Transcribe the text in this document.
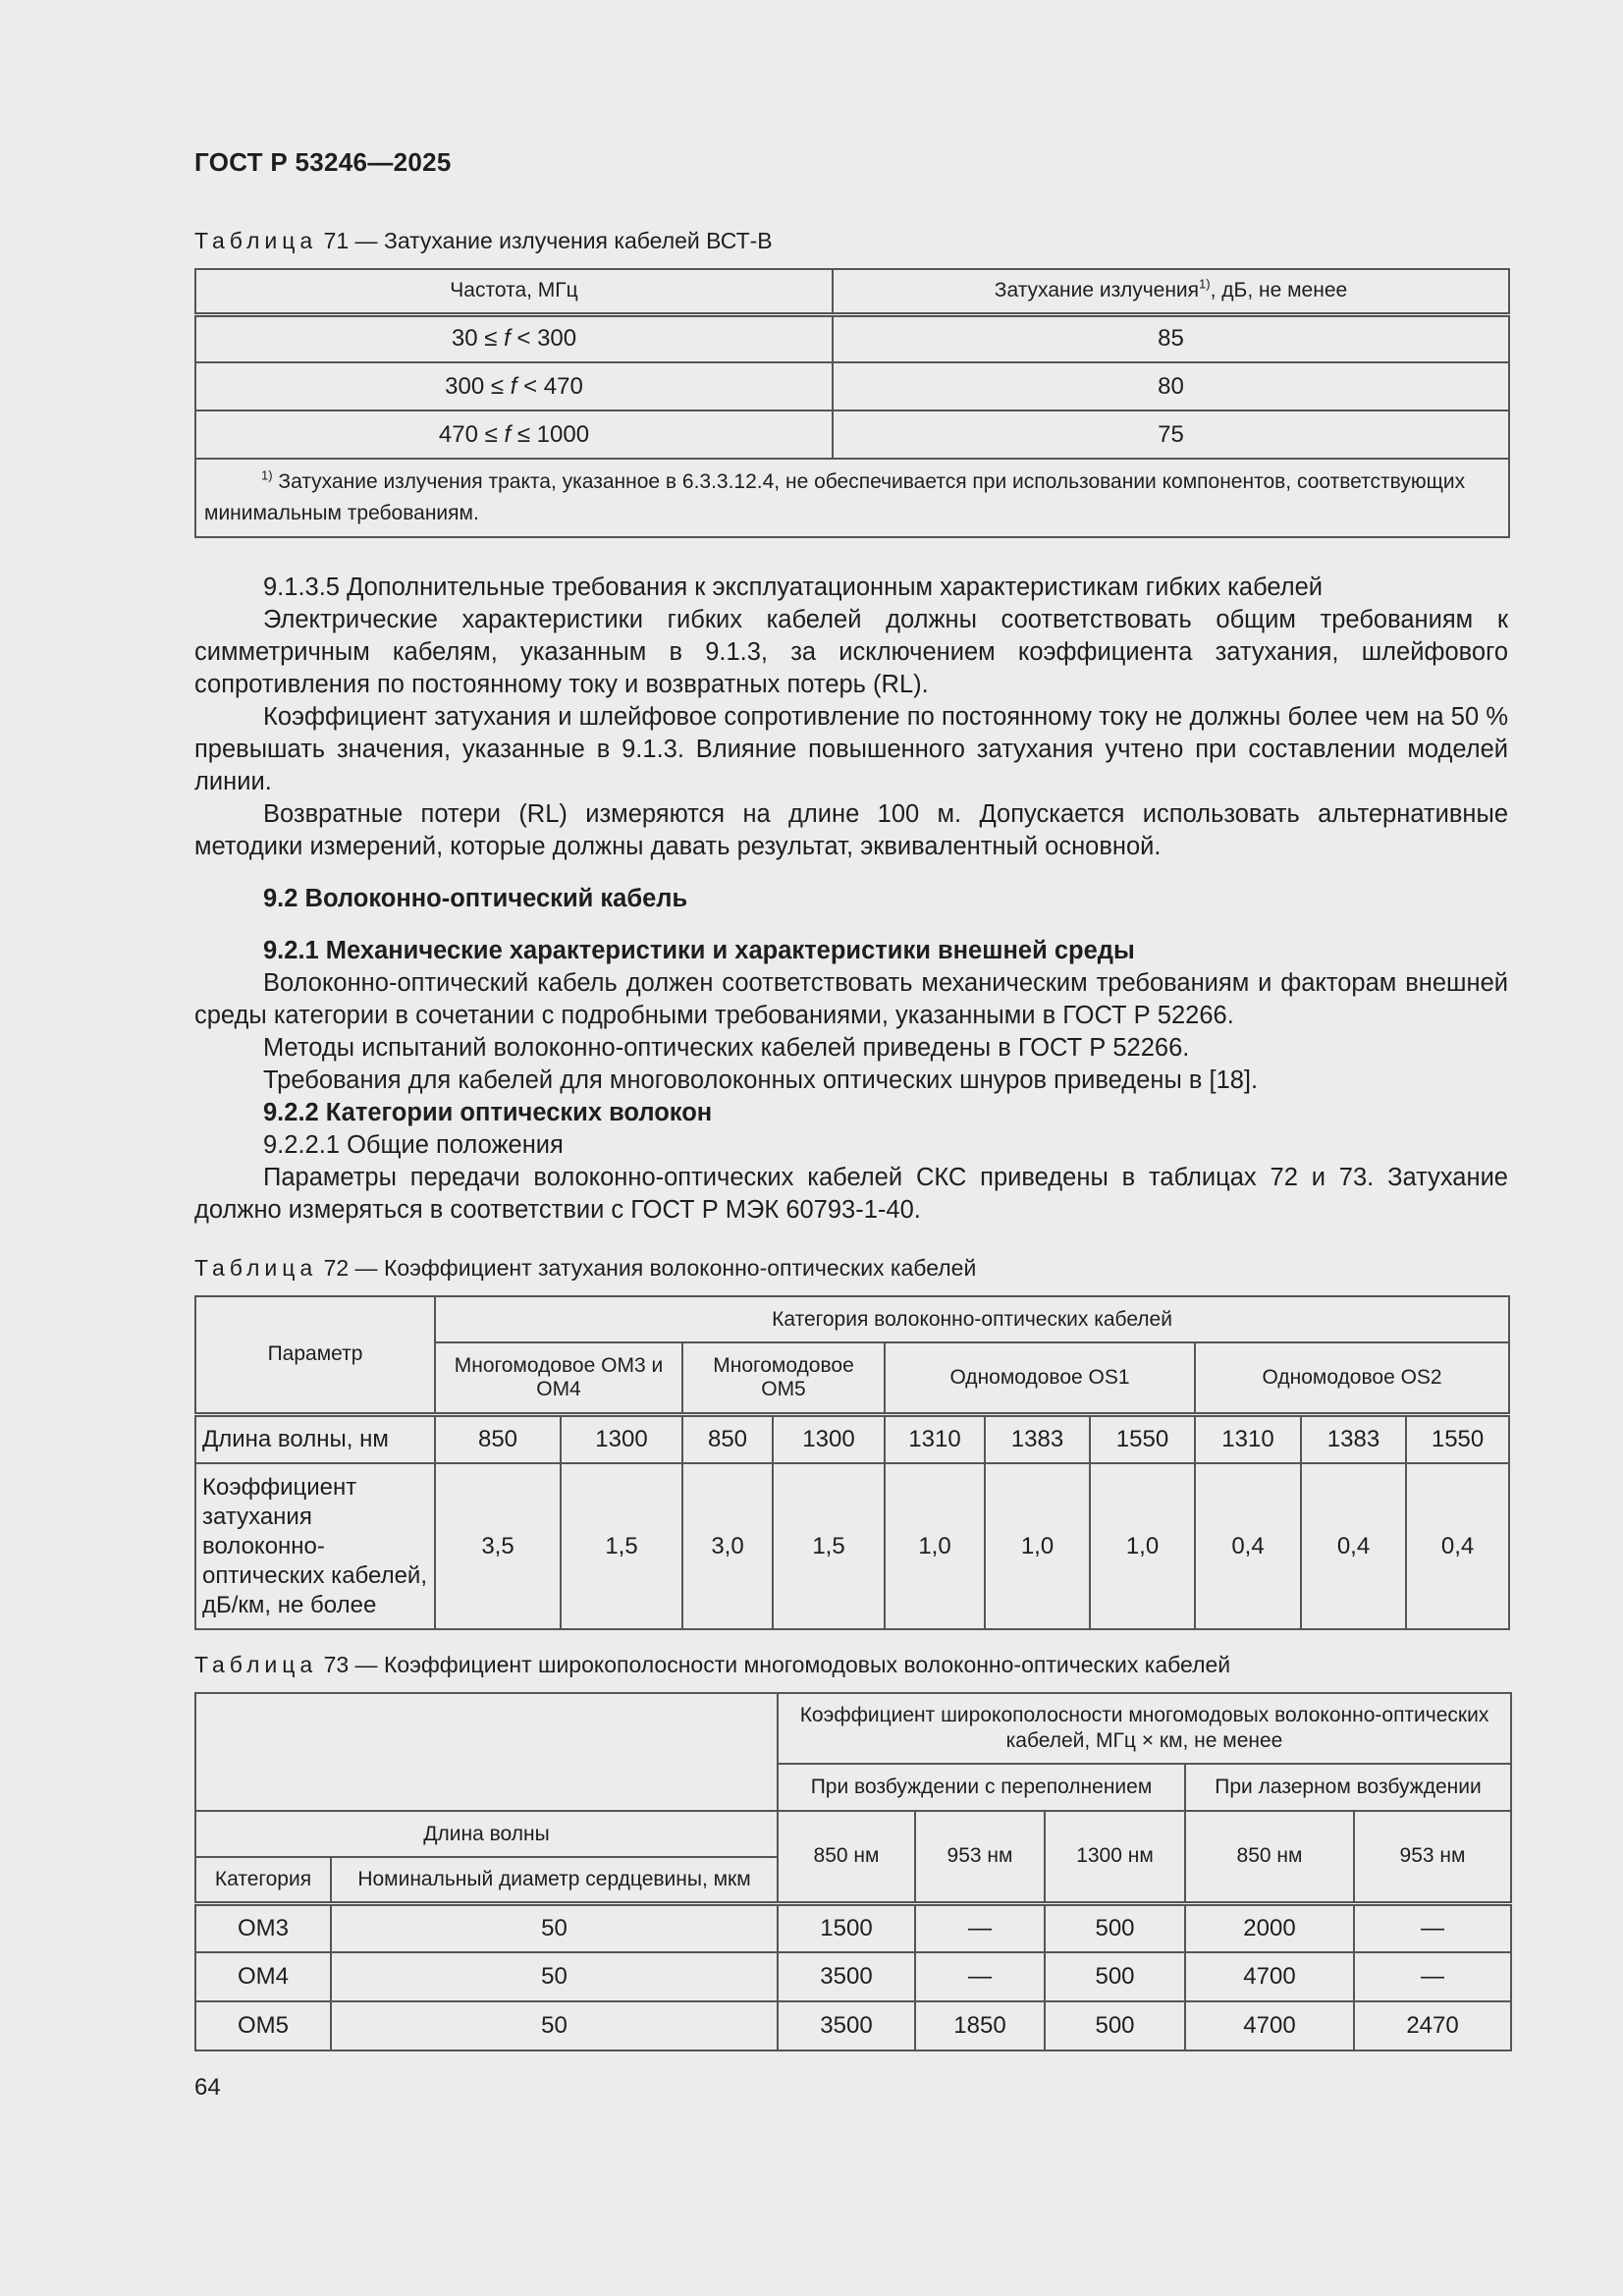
ГОСТ Р 53246—2025
Таблица 71 — Затухание излучения кабелей ВСТ-В
Частота, МГц	Затухание излучения$^{1)}$, дБ, не менее
30 ≤ f < 300	85
300 ≤ f < 470	80
470 ≤ f ≤ 1000	75
$^{1)}$ Затухание излучения тракта, указанное в 6.3.3.12.4, не обеспечивается при использовании компонентов, соответствующих минимальным требованиям.	

9.1.3.5 Дополнительные требования к эксплуатационным характеристикам гибких кабелей

Электрические характеристики гибких кабелей должны соответствовать общим требованиям к симметричным кабелям, указанным в 9.1.3, за исключением коэффициента затухания, шлейфового сопротивления по постоянному току и возвратных потерь (RL).

Коэффициент затухания и шлейфовое сопротивление по постоянному току не должны более чем на 50 % превышать значения, указанные в 9.1.3. Влияние повышенного затухания учтено при составлении моделей линии.

Возвратные потери (RL) измеряются на длине 100 м. Допускается использовать альтернативные методики измерений, которые должны давать результат, эквивалентный основной.

9.2 Волоконно-оптический кабель

9.2.1 Механические характеристики и характеристики внешней среды

Волоконно-оптический кабель должен соответствовать механическим требованиям и факторам внешней среды категории в сочетании с подробными требованиями, указанными в ГОСТ Р 52266.

Методы испытаний волоконно-оптических кабелей приведены в ГОСТ Р 52266.

Требования для кабелей для многоволоконных оптических шнуров приведены в [18].

9.2.2 Категории оптических волокон

9.2.2.1 Общие положения

Параметры передачи волоконно-оптических кабелей СКС приведены в таблицах 72 и 73. Затухание должно измеряться в соответствии с ГОСТ Р МЭК 60793-1-40.

Таблица 72 — Коэффициент затухания волоконно-оптических кабелей
Параметр	Категория волоконно-оптических кабелей									
	Многомодовое ОМ3 и ОМ4		Многомодовое ОМ5		Одномодовое OS1			Одномодовое OS2		
Длина волны, нм	850	1300	850	1300	1310	1383	1550	1310	1383	1550
Коэффициент затухания волоконно-оптических кабелей, дБ/км, не более	3,5	1,5	3,0	1,5	1,0	1,0	1,0	0,4	0,4	0,4
Таблица 73 — Коэффициент широкополосности многомодовых волоконно-оптических кабелей
		Коэффициент широкополосности многомодовых волоконно-оптических кабелей, МГц × км, не менее				
		При возбуждении с переполнением			При лазерном возбуждении	
Длина волны		850 нм	953 нм	1300 нм	850 нм	953 нм
Категория	Номинальный диаметр сердцевины, мкм					
ОМ3	50	1500	—	500	2000	—
ОМ4	50	3500	—	500	4700	—
ОМ5	50	3500	1850	500	4700	2470
64
